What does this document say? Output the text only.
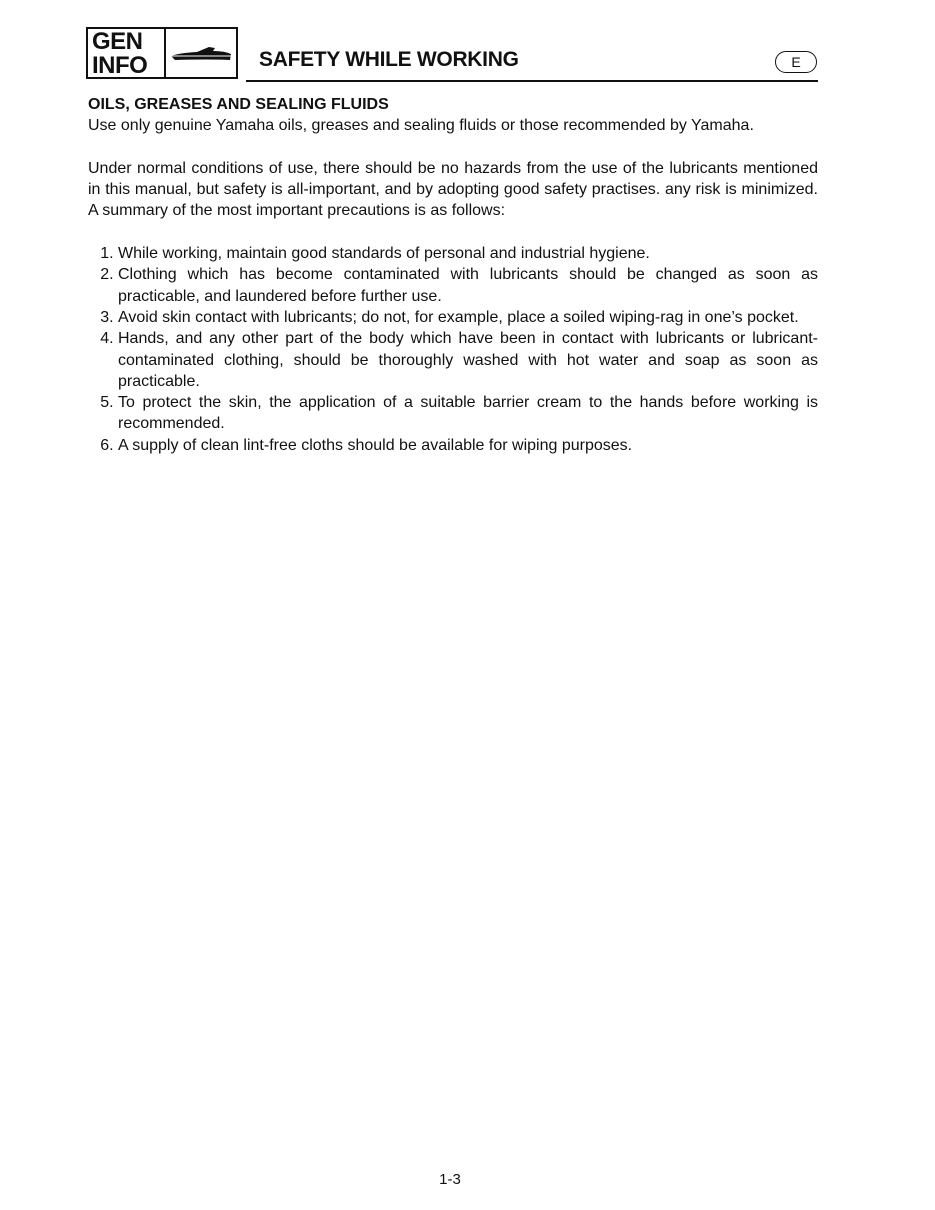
GEN
INFO	SAFETY WHILE WORKING	E
OILS, GREASES AND SEALING FLUIDS

Use only genuine Yamaha oils, greases and sealing fluids or those recommended by Yamaha.

Under normal conditions of use, there should be no hazards from the use of the lubricants mentioned in this manual, but safety is all-important, and by adopting good safety practises. any risk is minimized. A summary of the most important precautions is as follows:

1. While working, maintain good standards of personal and industrial hygiene.
2. Clothing which has become contaminated with lubricants should be changed as soon as practicable, and laundered before further use.
3. Avoid skin contact with lubricants; do not, for example, place a soiled wiping-rag in one’s pocket.
4. Hands, and any other part of the body which have been in contact with lubricants or lubricant-contaminated clothing, should be thoroughly washed with hot water and soap as soon as practicable.
5. To protect the skin, the application of a suitable barrier cream to the hands before working is recommended.
6. A supply of clean lint-free cloths should be available for wiping purposes.
1-3
